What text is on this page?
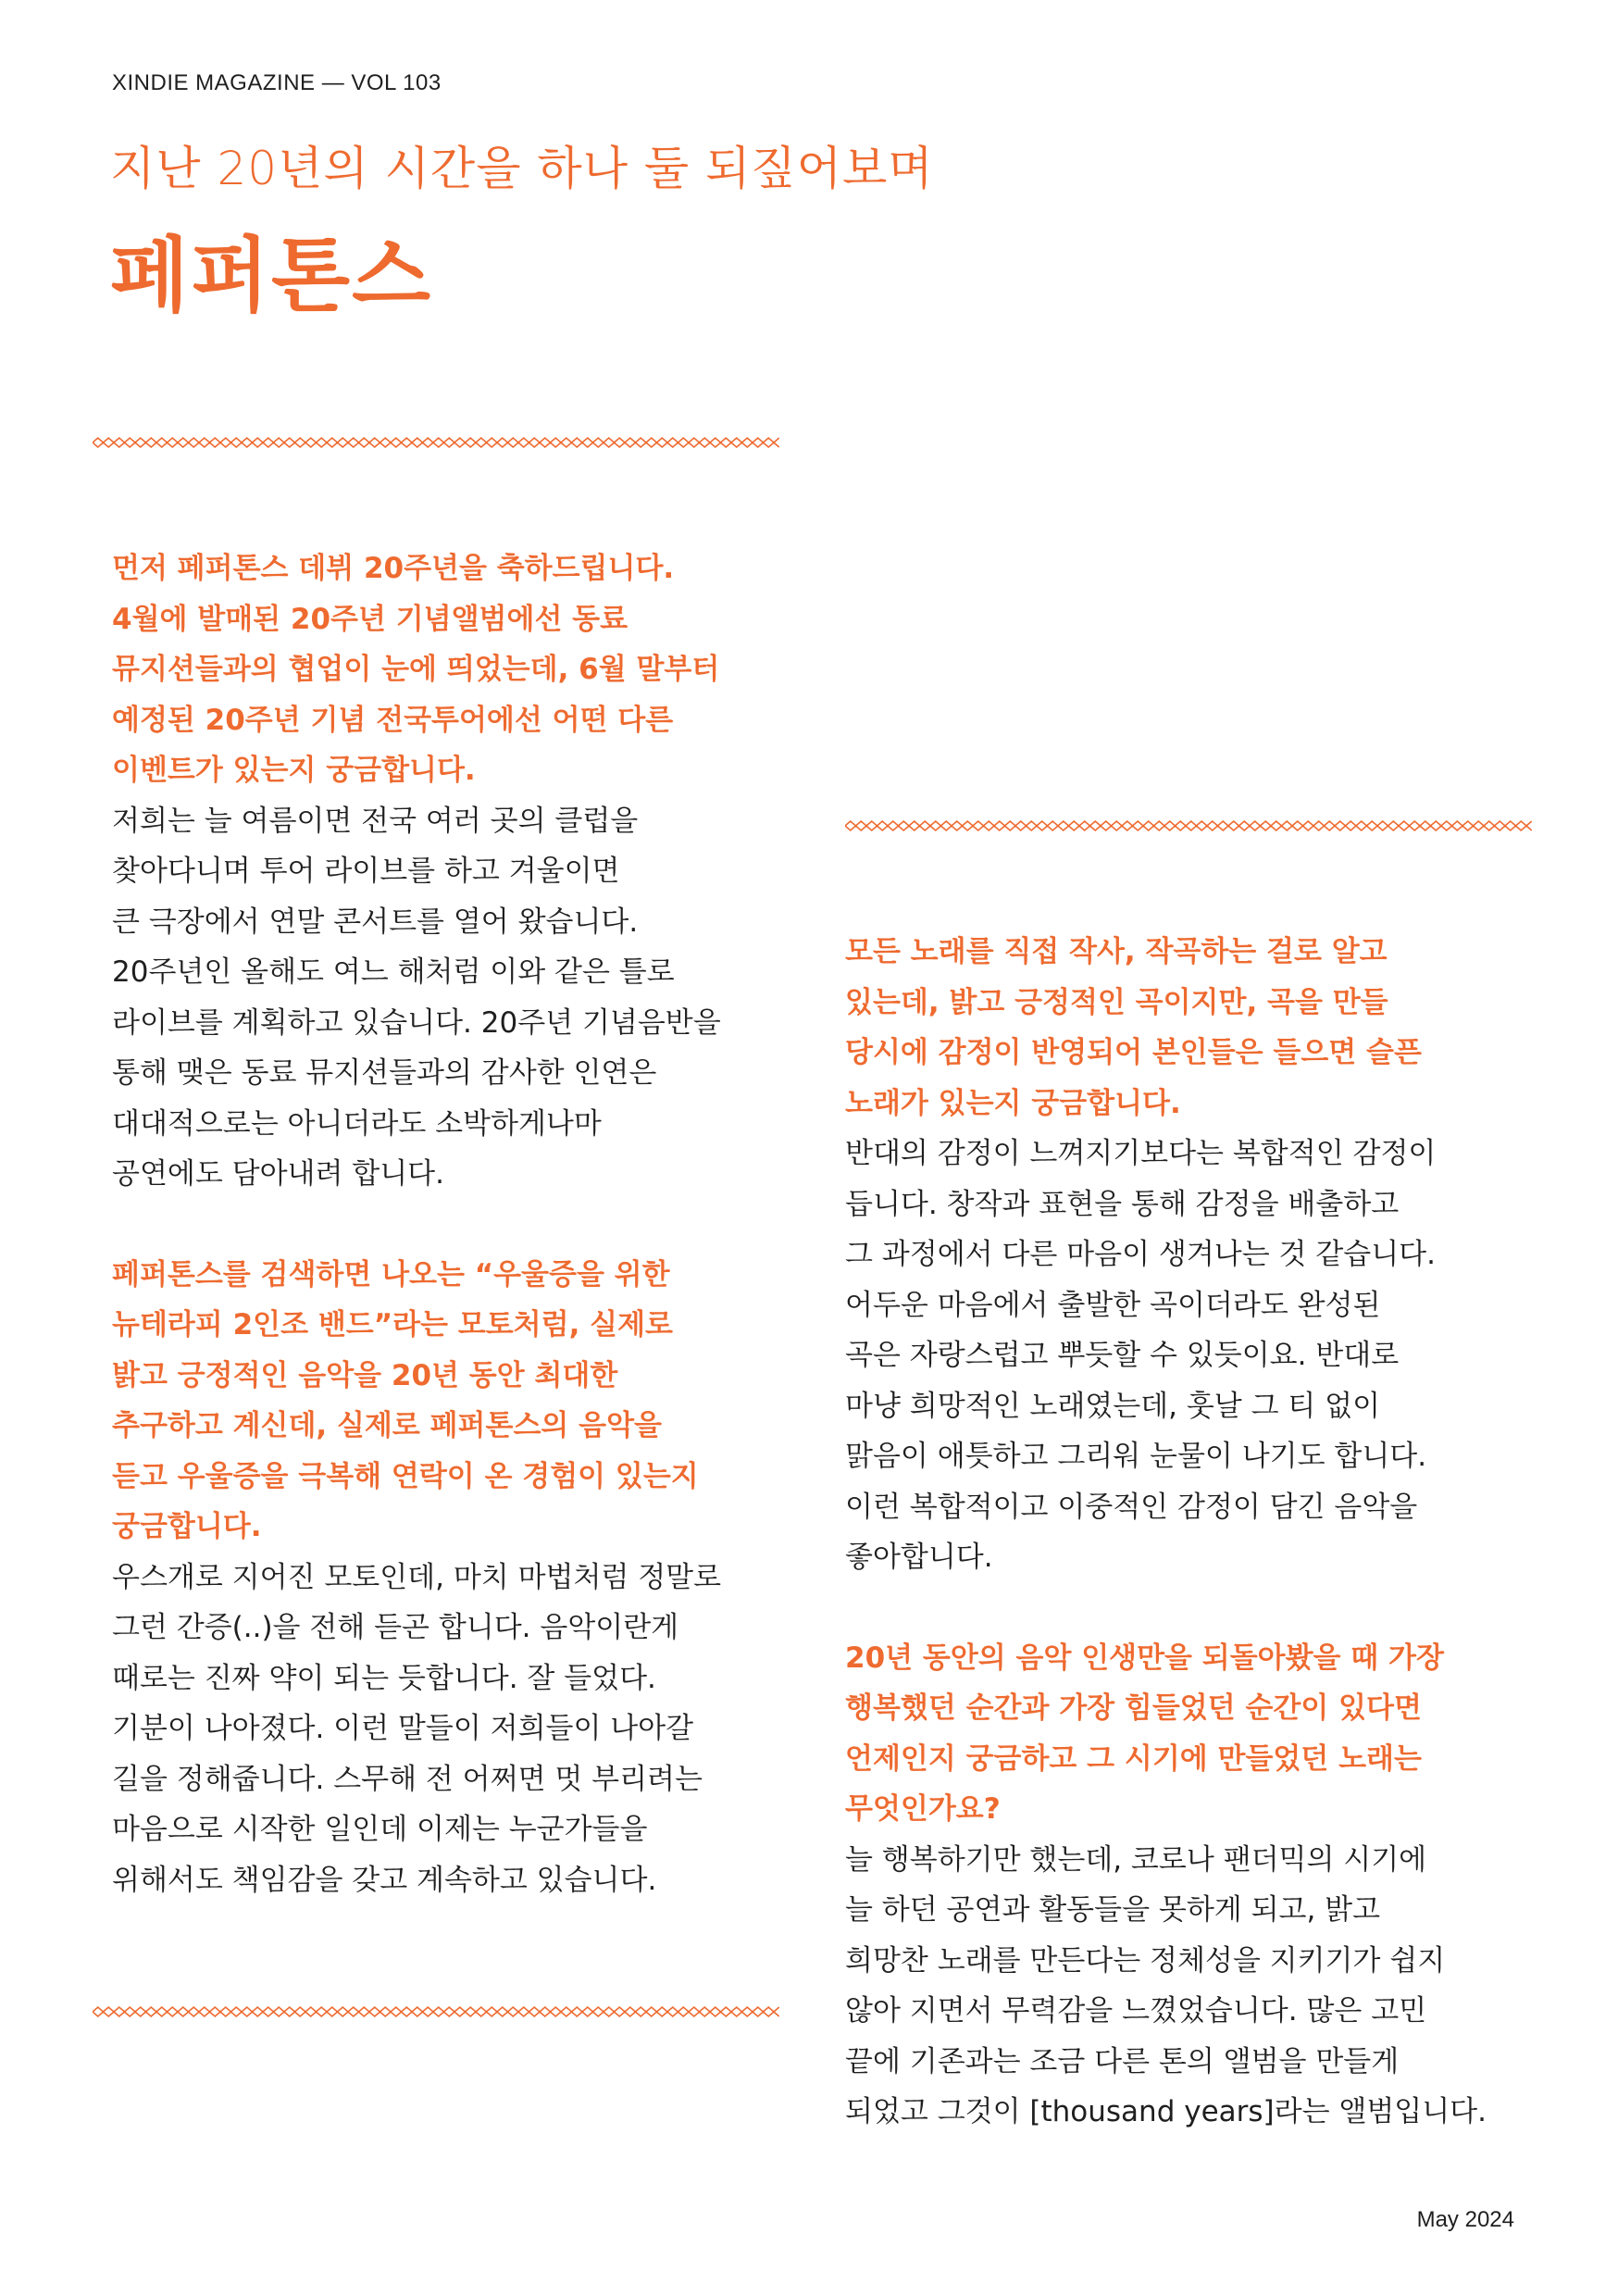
XINDIE MAGAZINE — VOL 103
지난 20년의 시간을 하나 둘 되짚어보며
페퍼톤스
먼저 페퍼톤스 데뷔 20주년을 축하드립니다.
4월에 발매된 20주년 기념앨범에선 동료
뮤지션들과의 협업이 눈에 띄었는데, 6월 말부터
예정된 20주년 기념 전국투어에선 어떤 다른
이벤트가 있는지 궁금합니다.
저희는 늘 여름이면 전국 여러 곳의 클럽을
찾아다니며 투어 라이브를 하고 겨울이면
큰 극장에서 연말 콘서트를 열어 왔습니다.
20주년인 올해도 여느 해처럼 이와 같은 틀로
라이브를 계획하고 있습니다. 20주년 기념음반을
통해 맺은 동료 뮤지션들과의 감사한 인연은
대대적으로는 아니더라도 소박하게나마
공연에도 담아내려 합니다.
페퍼톤스를 검색하면 나오는 “우울증을 위한
뉴테라피 2인조 밴드”라는 모토처럼, 실제로
밝고 긍정적인 음악을 20년 동안 최대한
추구하고 계신데, 실제로 페퍼톤스의 음악을
듣고 우울증을 극복해 연락이 온 경험이 있는지
궁금합니다.
우스개로 지어진 모토인데, 마치 마법처럼 정말로
그런 간증(..)을 전해 듣곤 합니다. 음악이란게
때로는 진짜 약이 되는 듯합니다. 잘 들었다.
기분이 나아졌다. 이런 말들이 저희들이 나아갈
길을 정해줍니다. 스무해 전 어쩌면 멋 부리려는
마음으로 시작한 일인데 이제는 누군가들을
위해서도 책임감을 갖고 계속하고 있습니다.
모든 노래를 직접 작사, 작곡하는 걸로 알고
있는데, 밝고 긍정적인 곡이지만, 곡을 만들
당시에 감정이 반영되어 본인들은 들으면 슬픈
노래가 있는지 궁금합니다.
반대의 감정이 느껴지기보다는 복합적인 감정이
듭니다. 창작과 표현을 통해 감정을 배출하고
그 과정에서 다른 마음이 생겨나는 것 같습니다.
어두운 마음에서 출발한 곡이더라도 완성된
곡은 자랑스럽고 뿌듯할 수 있듯이요. 반대로
마냥 희망적인 노래였는데, 훗날 그 티 없이
맑음이 애틋하고 그리워 눈물이 나기도 합니다.
이런 복합적이고 이중적인 감정이 담긴 음악을
좋아합니다.
20년 동안의 음악 인생만을 되돌아봤을 때 가장
행복했던 순간과 가장 힘들었던 순간이 있다면
언제인지 궁금하고 그 시기에 만들었던 노래는
무엇인가요?
늘 행복하기만 했는데, 코로나 팬더믹의 시기에
늘 하던 공연과 활동들을 못하게 되고, 밝고
희망찬 노래를 만든다는 정체성을 지키기가 쉽지
않아 지면서 무력감을 느꼈었습니다. 많은 고민
끝에 기존과는 조금 다른 톤의 앨범을 만들게
되었고 그것이 [thousand years]라는 앨범입니다.
May 2024
